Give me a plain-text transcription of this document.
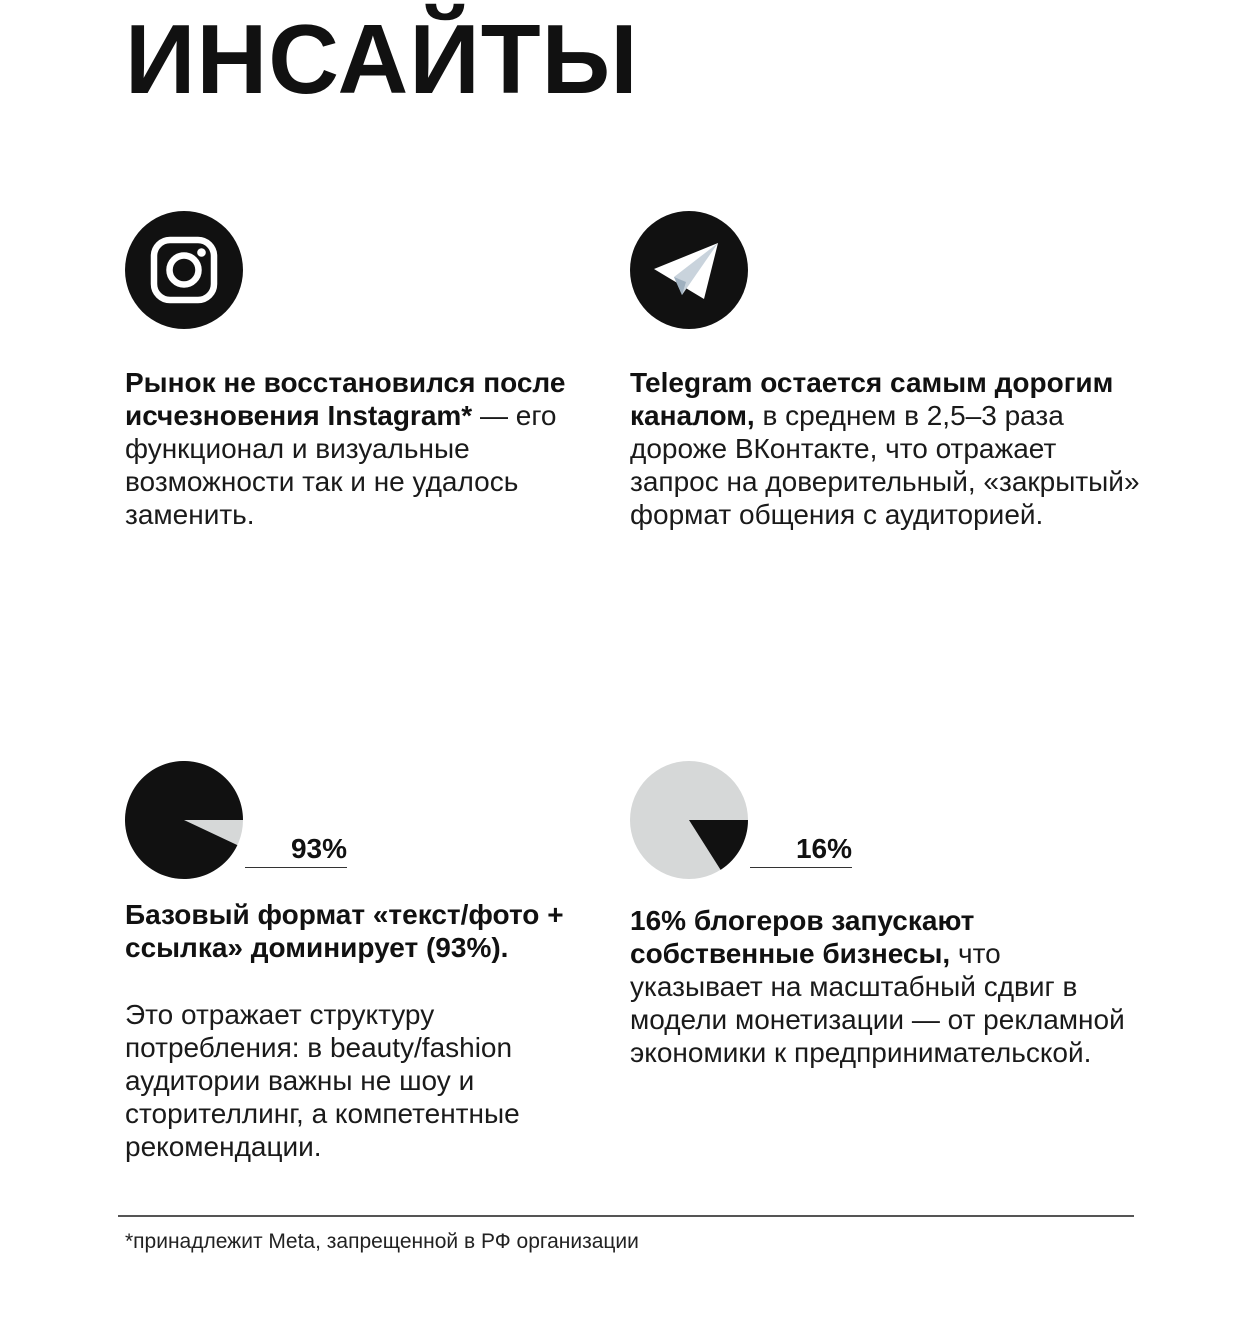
ИНСАЙТЫ

Рынок не восстановился после исчезновения Instagram* — его функционал и визуальные возможности так и не удалось заменить.

Telegram остается самым дорогим каналом, в среднем в 2,5–3 раза дороже ВКонтакте, что отражает запрос на доверительный, «закрытый» формат общения с аудиторией.

93%

Базовый формат «текст/фото + ссылка» доминирует (93%).

Это отражает структуру потребления: в beauty/fashion аудитории важны не шоу и сторителлинг, а компетентные рекомендации.

16%

16% блогеров запускают собственные бизнесы, что указывает на масштабный сдвиг в модели монетизации — от рекламной экономики к предпринимательской.

*принадлежит Meta, запрещенной в РФ организации
